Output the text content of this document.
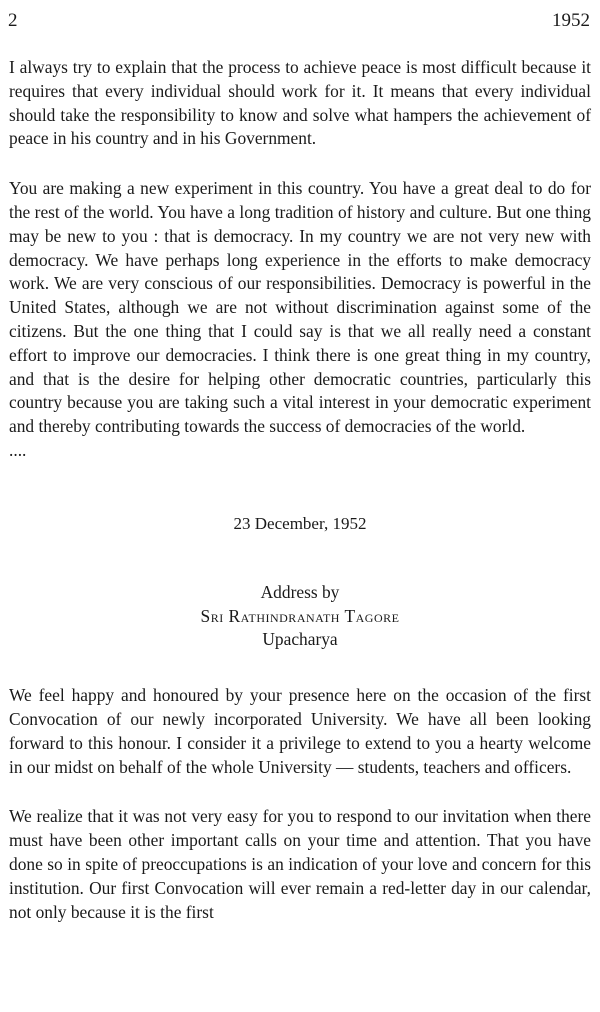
2	1952

I always try to explain that the process to achieve peace is most difficult because it requires that every individual should work for it. It means that every individual should take the responsibility to know and solve what hampers the achievement of peace in his country and in his Government.

You are making a new experiment in this country. You have a great deal to do for the rest of the world. You have a long tradition of history and culture. But one thing may be new to you : that is democracy. In my country we are not very new with democracy. We have perhaps long experience in the efforts to make democracy work. We are very conscious of our responsibilities. Democracy is powerful in the United States, although we are not without discrimination against some of the citizens. But the one thing that I could say is that we all really need a constant effort to improve our democracies. I think there is one great thing in my country, and that is the desire for helping other democratic countries, particularly this country because you are taking such a vital interest in your democratic experiment and thereby contributing towards the success of democracies of the world.

....

23 December, 1952

Address by
Sri Rathindranath Tagore
Upacharya

We feel happy and honoured by your presence here on the occasion of the first Convocation of our newly incorporated University. We have all been looking forward to this honour. I consider it a privilege to extend to you a hearty welcome in our midst on behalf of the whole University — students, teachers and officers.

We realize that it was not very easy for you to respond to our invitation when there must have been other important calls on your time and attention. That you have done so in spite of preoccupations is an indication of your love and concern for this institution. Our first Convocation will ever remain a red-letter day in our calendar, not only because it is the first
